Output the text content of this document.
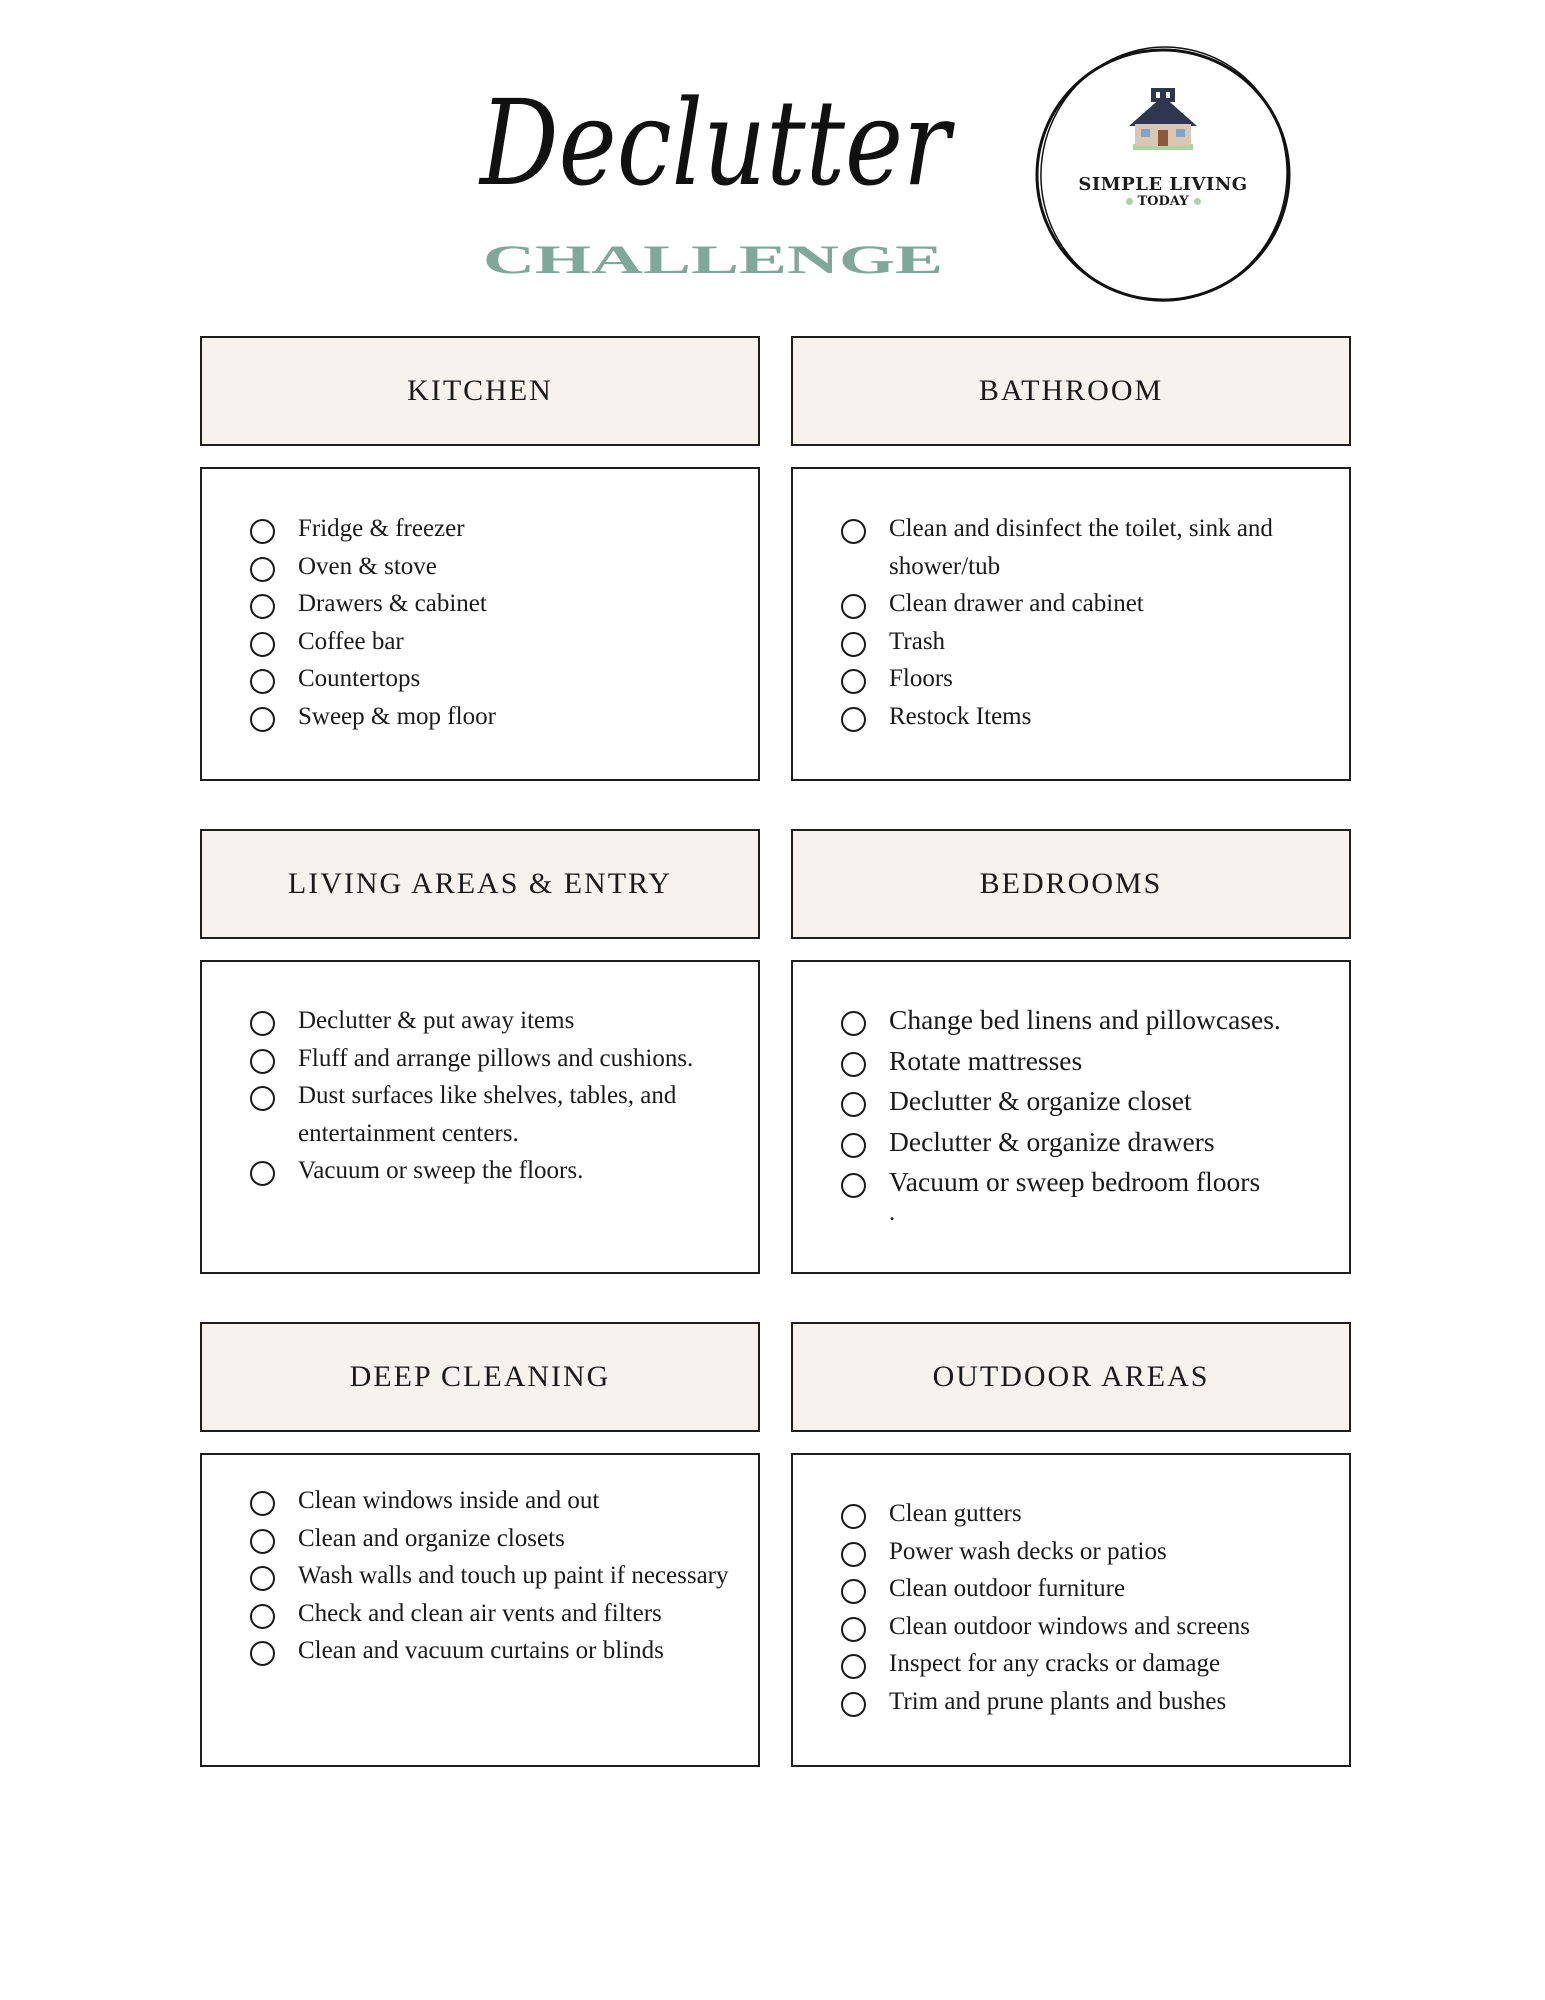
Declutter
CHALLENGE
SIMPLE LIVING
TODAY
KITCHEN
Fridge & freezer
Oven & stove
Drawers & cabinet
Coffee bar
Countertops
Sweep & mop floor
BATHROOM
Clean and disinfect the toilet, sink and shower/tub
Clean drawer and cabinet
Trash
Floors
Restock Items
LIVING AREAS & ENTRY
Declutter & put away items
Fluff and arrange pillows and cushions.
Dust surfaces like shelves, tables, and entertainment centers.
Vacuum or sweep the floors.
BEDROOMS
Change bed linens and pillowcases.
Rotate mattresses
Declutter & organize closet
Declutter & organize drawers
Vacuum or sweep bedroom floors
.
DEEP CLEANING
Clean windows inside and out
Clean and organize closets
Wash walls and touch up paint if necessary
Check and clean air vents and filters
Clean and vacuum curtains or blinds
OUTDOOR AREAS
Clean gutters
Power wash decks or patios
Clean outdoor furniture
Clean outdoor windows and screens
Inspect for any cracks or damage
Trim and prune plants and bushes
